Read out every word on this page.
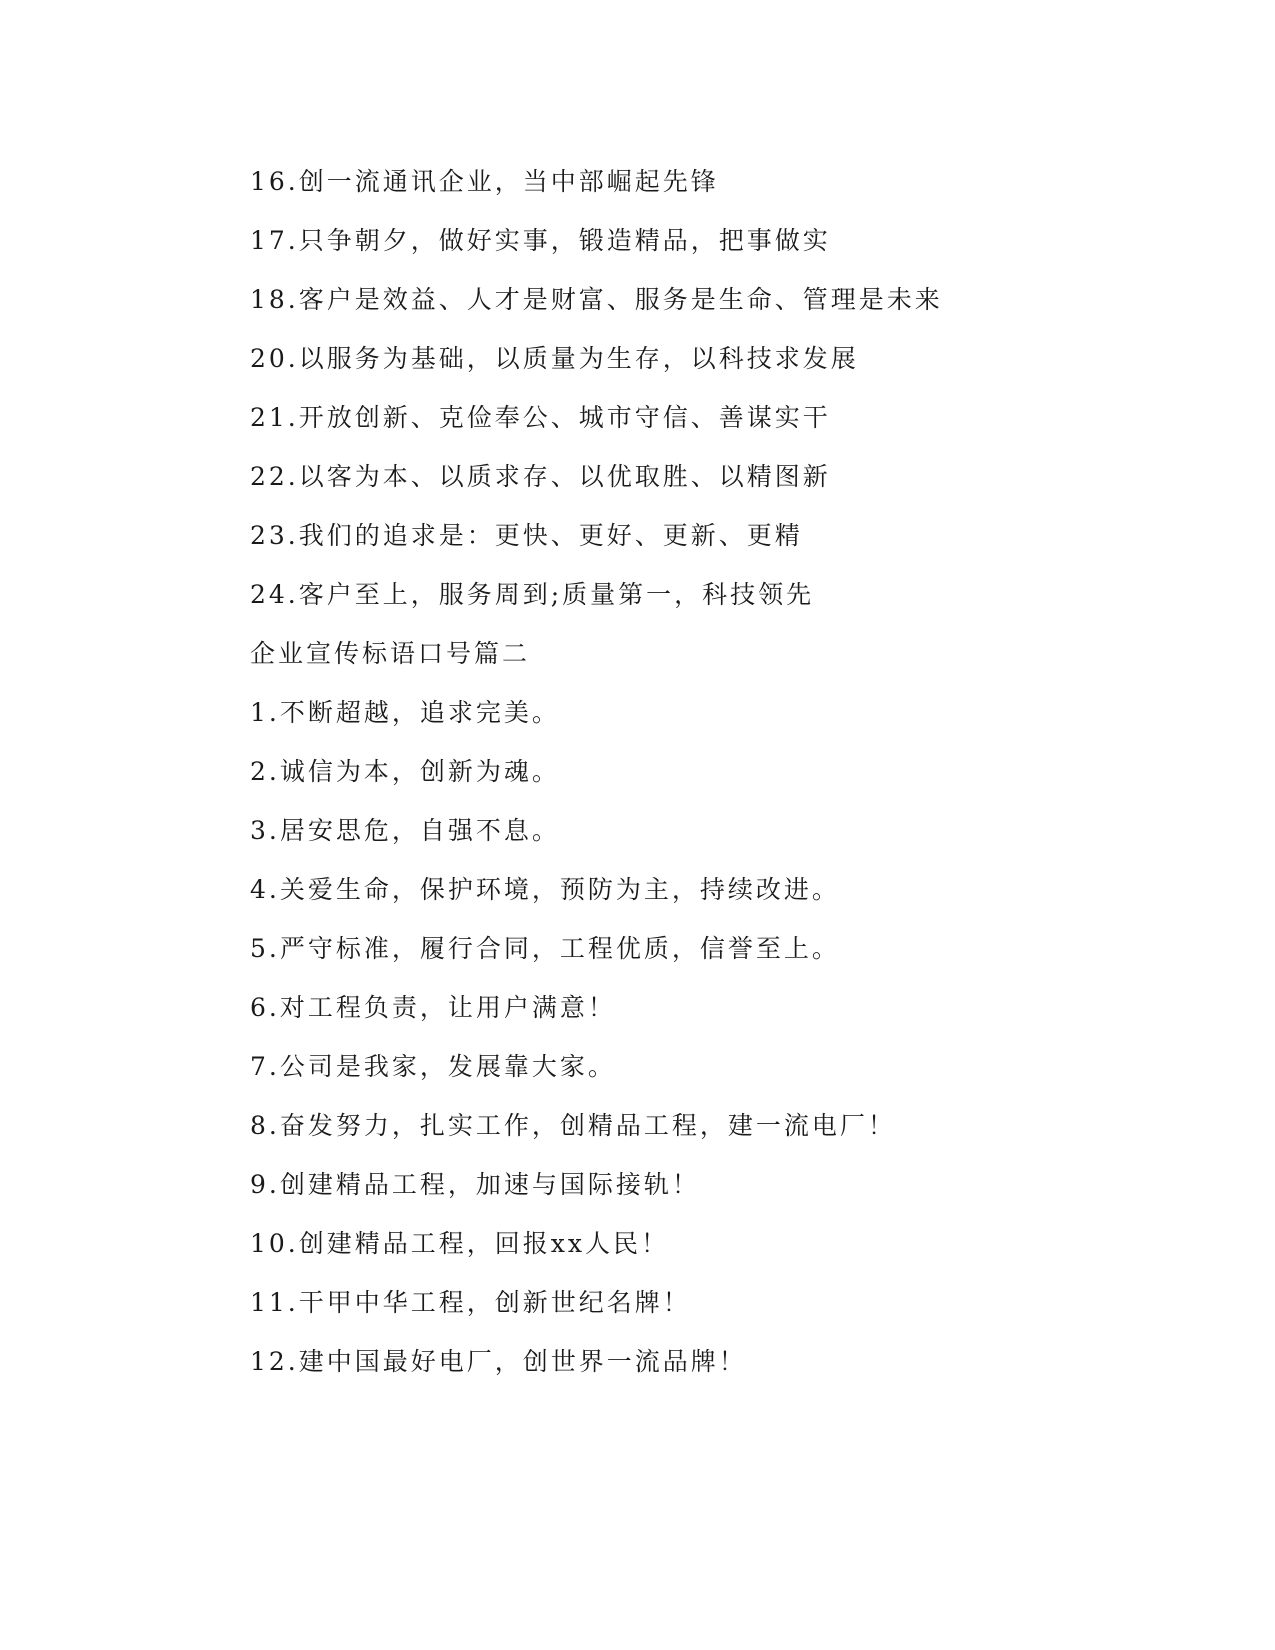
16.创一流通讯企业，当中部崛起先锋
17.只争朝夕，做好实事，锻造精品，把事做实
18.客户是效益、人才是财富、服务是生命、管理是未来
20.以服务为基础，以质量为生存，以科技求发展
21.开放创新、克俭奉公、城市守信、善谋实干
22.以客为本、以质求存、以优取胜、以精图新
23.我们的追求是：更快、更好、更新、更精
24.客户至上，服务周到;质量第一，科技领先
企业宣传标语口号篇二
1.不断超越，追求完美。
2.诚信为本，创新为魂。
3.居安思危，自强不息。
4.关爱生命，保护环境，预防为主，持续改进。
5.严守标准，履行合同，工程优质，信誉至上。
6.对工程负责，让用户满意！
7.公司是我家，发展靠大家。
8.奋发努力，扎实工作，创精品工程，建一流电厂！
9.创建精品工程，加速与国际接轨！
10.创建精品工程，回报xx人民！
11.干甲中华工程，创新世纪名牌！
12.建中国最好电厂，创世界一流品牌！
